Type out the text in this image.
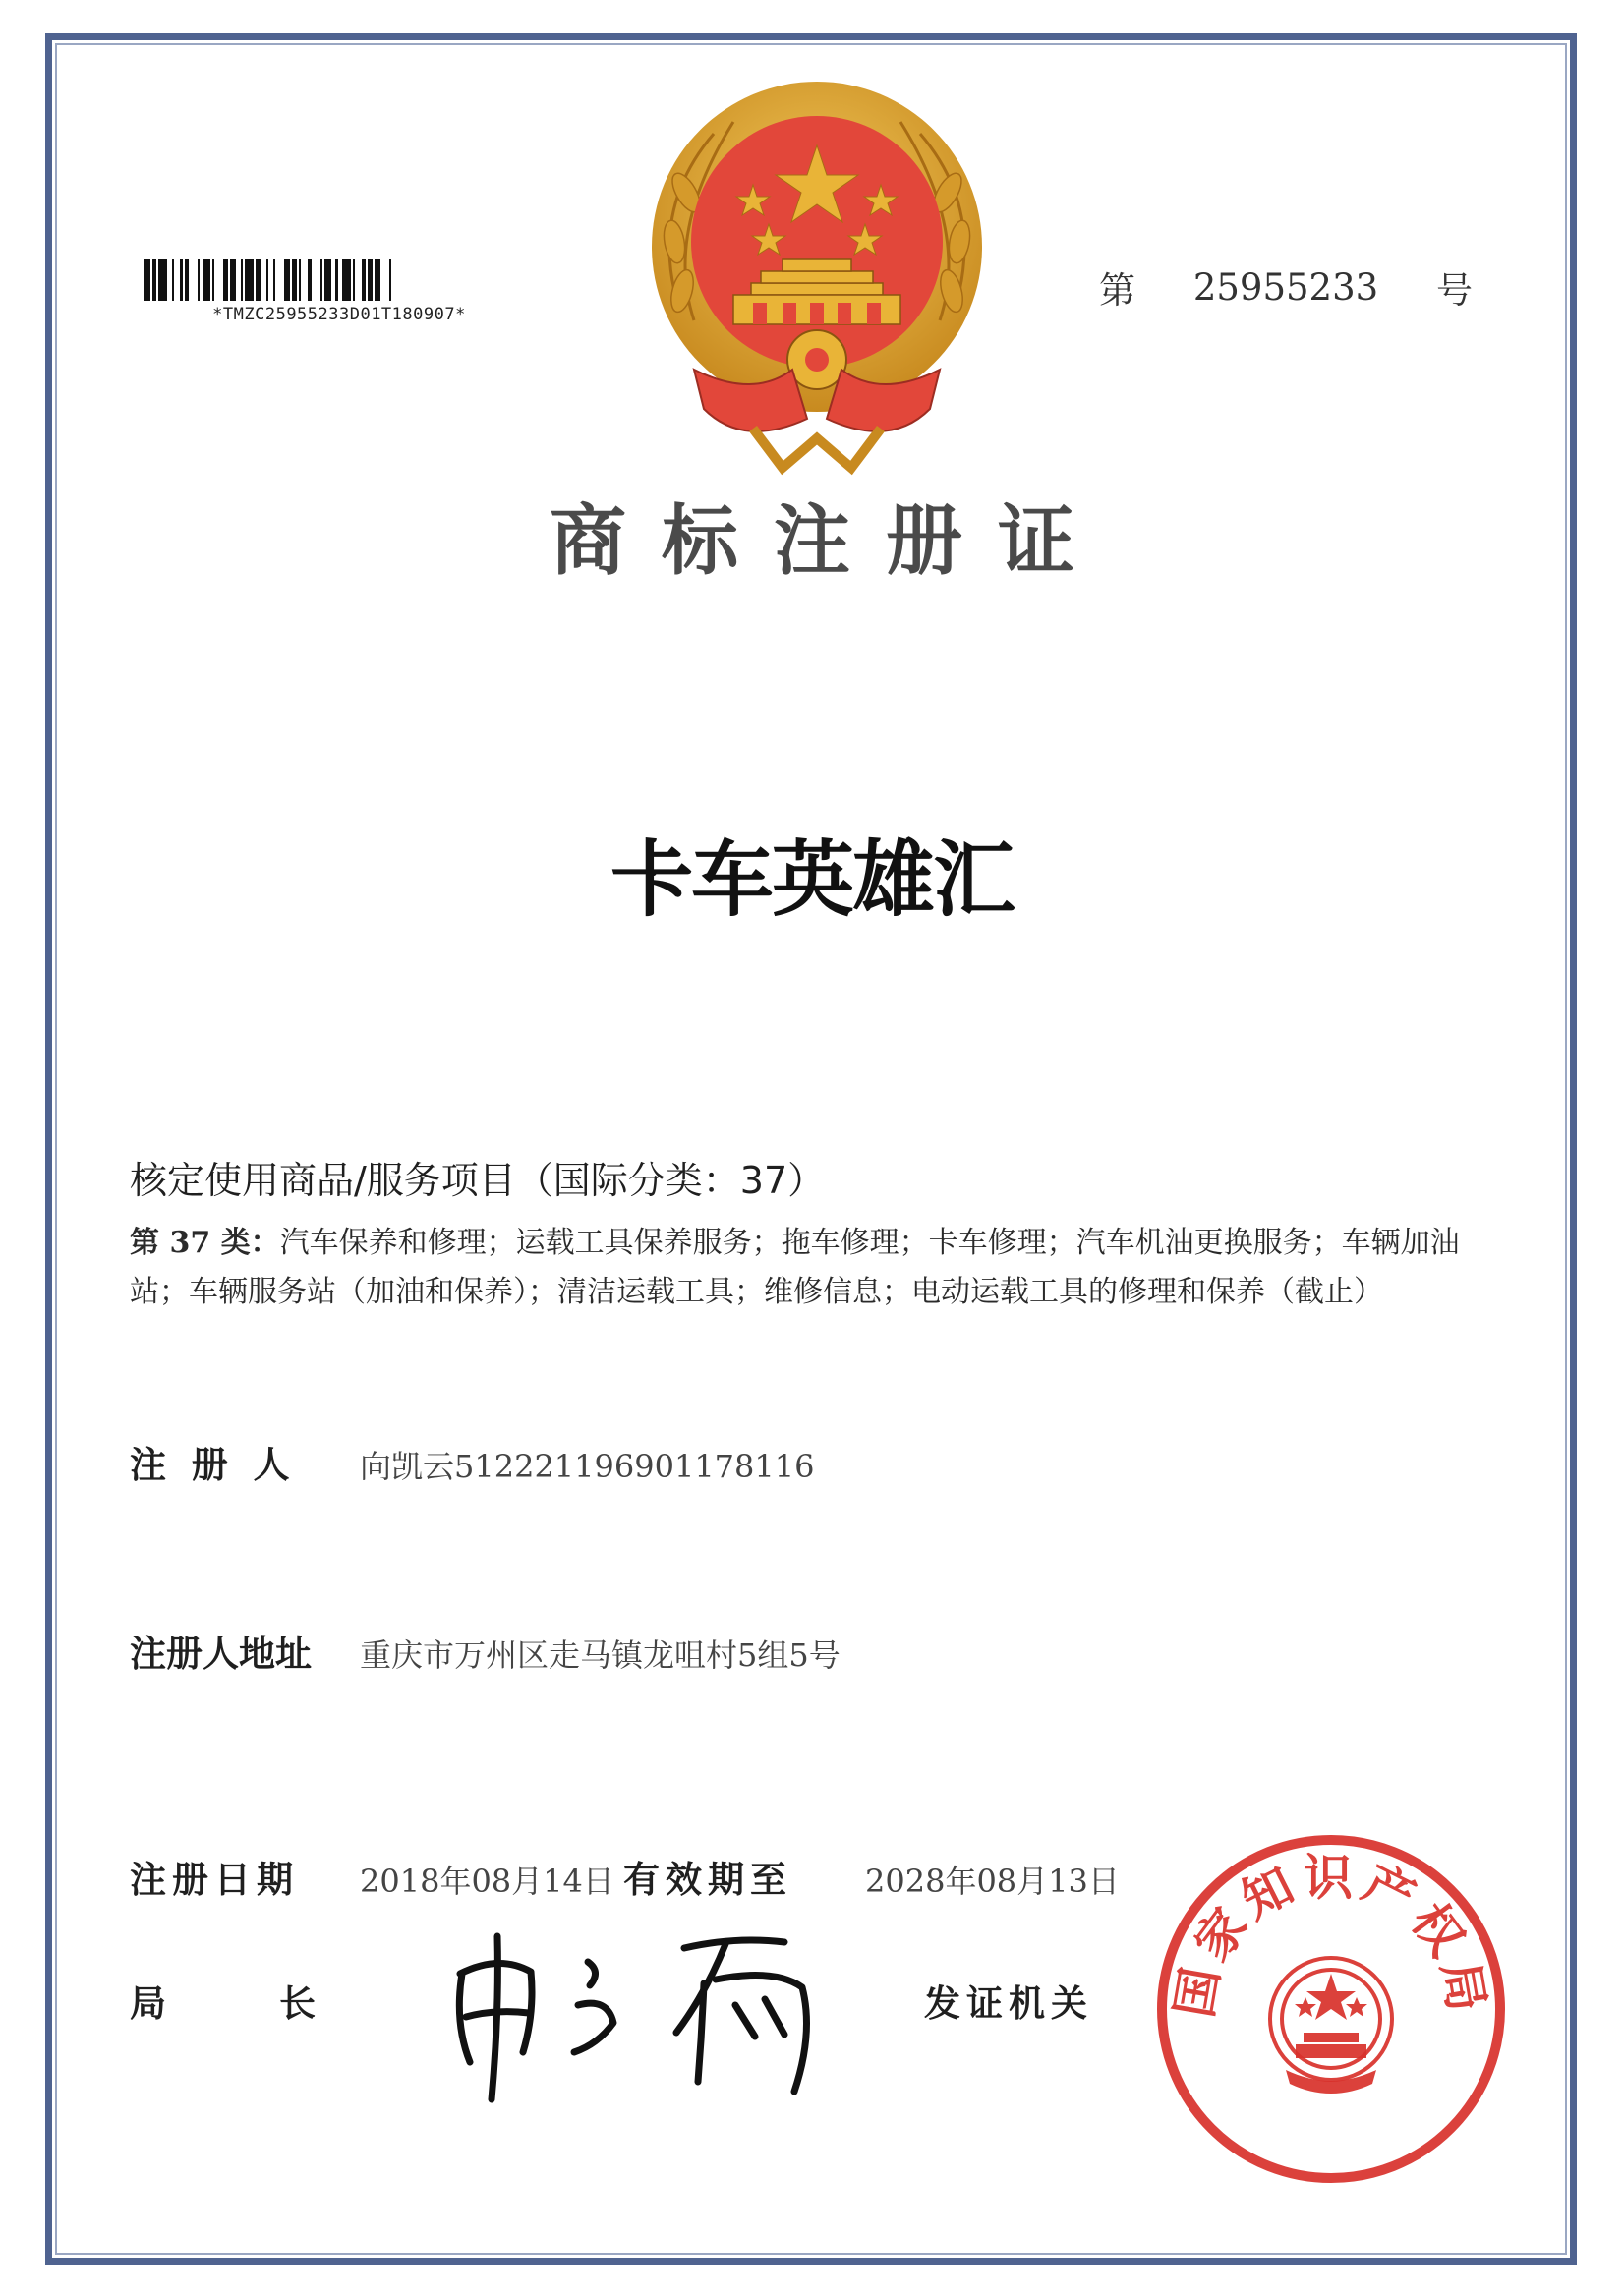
*TMZC25955233D01T180907*
第 25955233 号
商标注册证
卡车英雄汇
核定使用商品/服务项目（国际分类：37）
第 37 类：汽车保养和修理；运载工具保养服务；拖车修理；卡车修理；汽车机油更换服务；车辆加油站；车辆服务站（加油和保养）；清洁运载工具；维修信息；电动运载工具的修理和保养（截止）
注  册  人	向凯云512221196901178116
注册人地址	重庆市万州区走马镇龙咀村5组5号
注册日期	2018年08月14日 有效期至	2028年08月13日
局	长	发证机关 国家知识产权局
